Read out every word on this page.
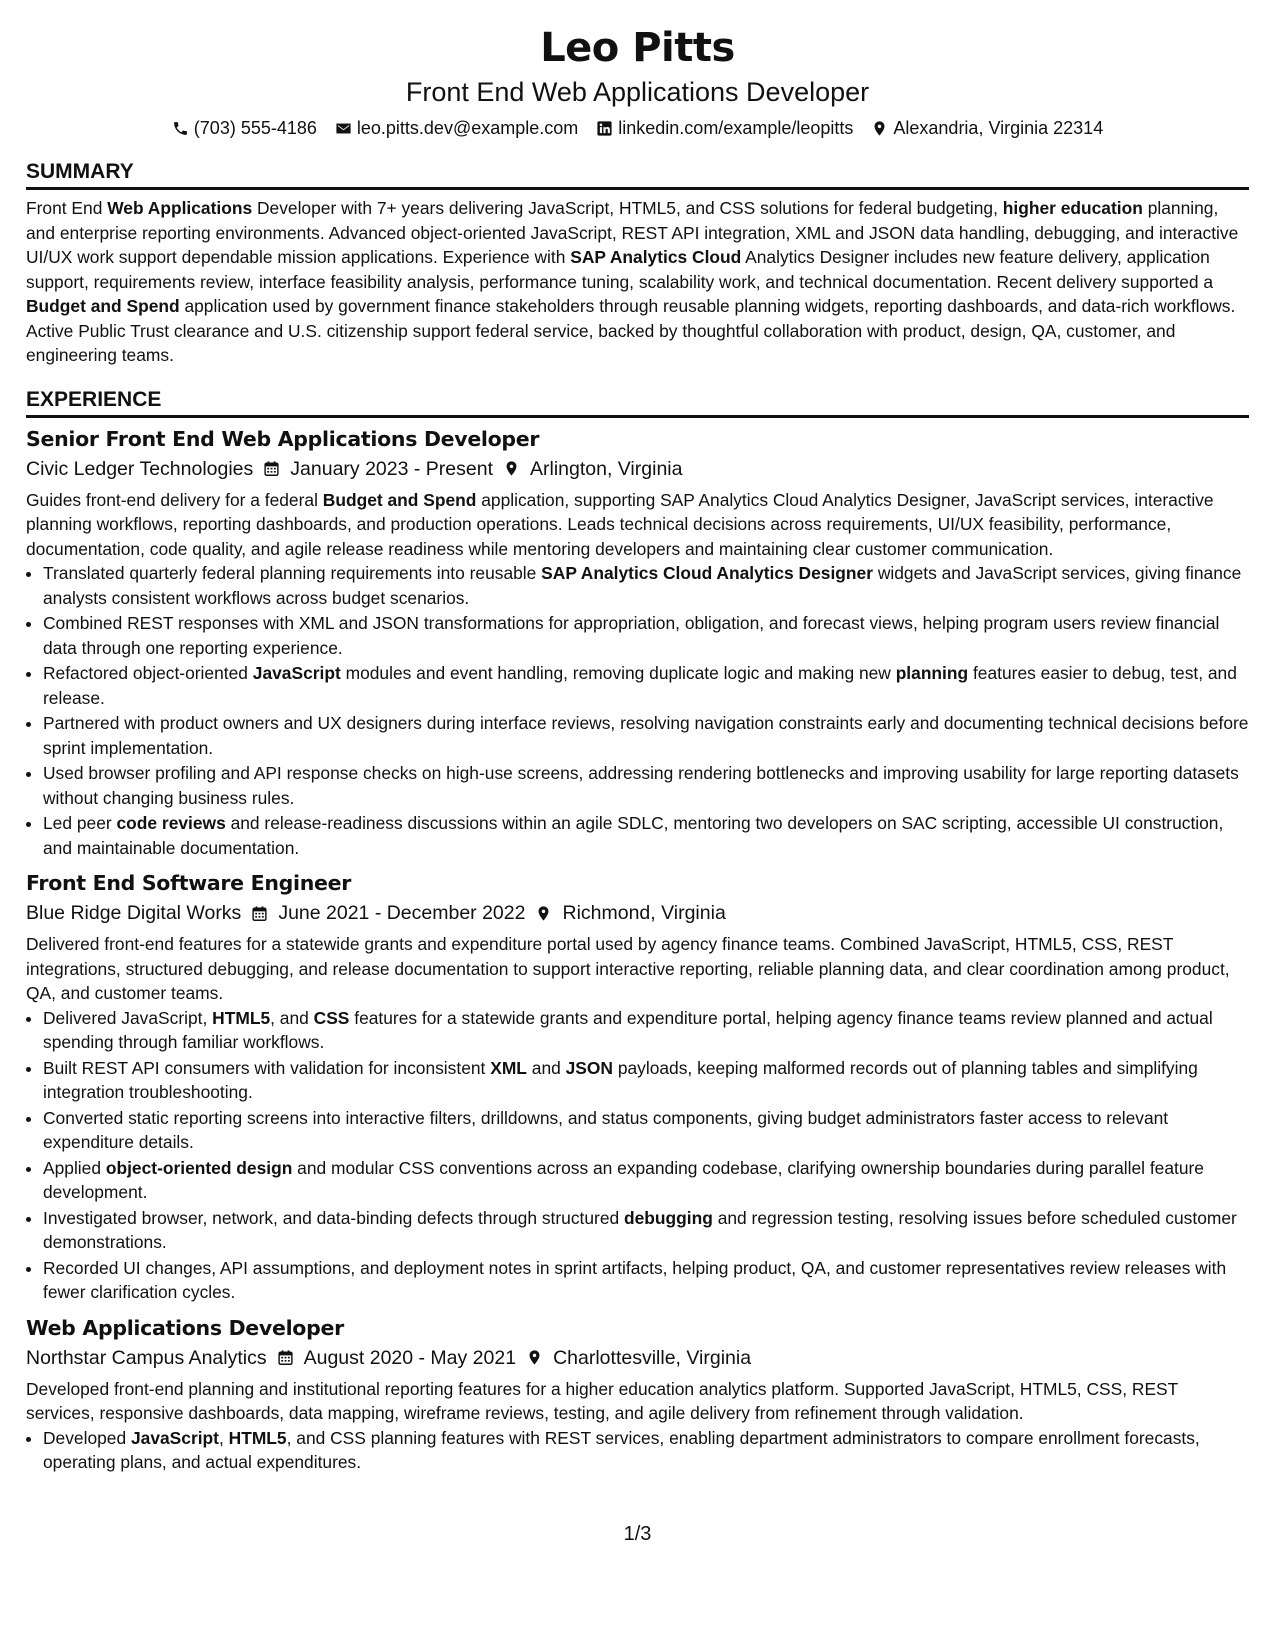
Leo Pitts
Front End Web Applications Developer
(703) 555-4186 leo.pitts.dev@example.com linkedin.com/example/leopitts Alexandria, Virginia 22314
SUMMARY

Front End Web Applications Developer with 7+ years delivering JavaScript, HTML5, and CSS solutions for federal budgeting, higher education planning, and enterprise reporting environments. Advanced object-oriented JavaScript, REST API integration, XML and JSON data handling, debugging, and interactive UI/UX work support dependable mission applications. Experience with SAP Analytics Cloud Analytics Designer includes new feature delivery, application support, requirements review, interface feasibility analysis, performance tuning, scalability work, and technical documentation. Recent delivery supported a Budget and Spend application used by government finance stakeholders through reusable planning widgets, reporting dashboards, and data-rich workflows. Active Public Trust clearance and U.S. citizenship support federal service, backed by thoughtful collaboration with product, design, QA, customer, and engineering teams.

EXPERIENCE
Senior Front End Web Applications Developer
Civic Ledger Technologies January 2023 - Present Arlington, Virginia

Guides front-end delivery for a federal Budget and Spend application, supporting SAP Analytics Cloud Analytics Designer, JavaScript services, interactive planning workflows, reporting dashboards, and production operations. Leads technical decisions across requirements, UI/UX feasibility, performance, documentation, code quality, and agile release readiness while mentoring developers and maintaining clear customer communication.

• Translated quarterly federal planning requirements into reusable SAP Analytics Cloud Analytics Designer widgets and JavaScript services, giving finance analysts consistent workflows across budget scenarios.
• Combined REST responses with XML and JSON transformations for appropriation, obligation, and forecast views, helping program users review financial data through one reporting experience.
• Refactored object-oriented JavaScript modules and event handling, removing duplicate logic and making new planning features easier to debug, test, and release.
• Partnered with product owners and UX designers during interface reviews, resolving navigation constraints early and documenting technical decisions before sprint implementation.
• Used browser profiling and API response checks on high-use screens, addressing rendering bottlenecks and improving usability for large reporting datasets without changing business rules.
• Led peer code reviews and release-readiness discussions within an agile SDLC, mentoring two developers on SAC scripting, accessible UI construction, and maintainable documentation.
Front End Software Engineer
Blue Ridge Digital Works June 2021 - December 2022 Richmond, Virginia

Delivered front-end features for a statewide grants and expenditure portal used by agency finance teams. Combined JavaScript, HTML5, CSS, REST integrations, structured debugging, and release documentation to support interactive reporting, reliable planning data, and clear coordination among product, QA, and customer teams.

• Delivered JavaScript, HTML5, and CSS features for a statewide grants and expenditure portal, helping agency finance teams review planned and actual spending through familiar workflows.
• Built REST API consumers with validation for inconsistent XML and JSON payloads, keeping malformed records out of planning tables and simplifying integration troubleshooting.
• Converted static reporting screens into interactive filters, drilldowns, and status components, giving budget administrators faster access to relevant expenditure details.
• Applied object-oriented design and modular CSS conventions across an expanding codebase, clarifying ownership boundaries during parallel feature development.
• Investigated browser, network, and data-binding defects through structured debugging and regression testing, resolving issues before scheduled customer demonstrations.
• Recorded UI changes, API assumptions, and deployment notes in sprint artifacts, helping product, QA, and customer representatives review releases with fewer clarification cycles.
Web Applications Developer
Northstar Campus Analytics August 2020 - May 2021 Charlottesville, Virginia

Developed front-end planning and institutional reporting features for a higher education analytics platform. Supported JavaScript, HTML5, CSS, REST services, responsive dashboards, data mapping, wireframe reviews, testing, and agile delivery from refinement through validation.

• Developed JavaScript, HTML5, and CSS planning features with REST services, enabling department administrators to compare enrollment forecasts, operating plans, and actual expenditures.
1/3
